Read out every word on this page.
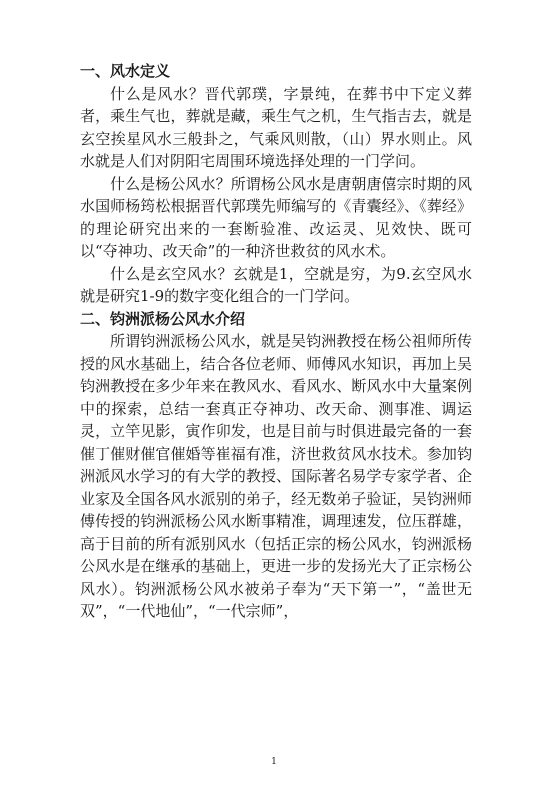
一、风水定义

什么是风水？晋代郭璞，字景纯，在葬书中下定义葬者，乘生气也，葬就是藏，乘生气之机，生气指吉去，就是玄空挨星风水三般卦之，气乘风则散，（山）界水则止。风水就是人们对阴阳宅周围环境选择处理的一门学问。

什么是杨公风水？所谓杨公风水是唐朝唐僖宗时期的风水国师杨筠松根据晋代郭璞先师编写的《青囊经》、《葬经》的理论研究出来的一套断验准、改运灵、见效快、既可以“夺神功、改天命”的一种济世救贫的风水术。

什么是玄空风水？玄就是1，空就是穷，为9.玄空风水就是研究1-9的数字变化组合的一门学问。

二、钧洲派杨公风水介绍

所谓钧洲派杨公风水，就是吴钧洲教授在杨公祖师所传授的风水基础上，结合各位老师、师傅风水知识，再加上吴钧洲教授在多少年来在教风水、看风水、断风水中大量案例中的探索，总结一套真正夺神功、改天命、测事准、调运灵，立竿见影，寅作卯发，也是目前与时俱进最完备的一套催丁催财催官催婚等崔福有准，济世救贫风水技术。参加钧洲派风水学习的有大学的教授、国际著名易学专家学者、企业家及全国各风水派别的弟子，经无数弟子验证，吴钧洲师傅传授的钧洲派杨公风水断事精准，调理速发，位压群雄，高于目前的所有派别风水（包括正宗的杨公风水，钧洲派杨公风水是在继承的基础上，更进一步的发扬光大了正宗杨公风水）。钧洲派杨公风水被弟子奉为“天下第一”，“盖世无双”，“一代地仙”，“一代宗师”，

1
